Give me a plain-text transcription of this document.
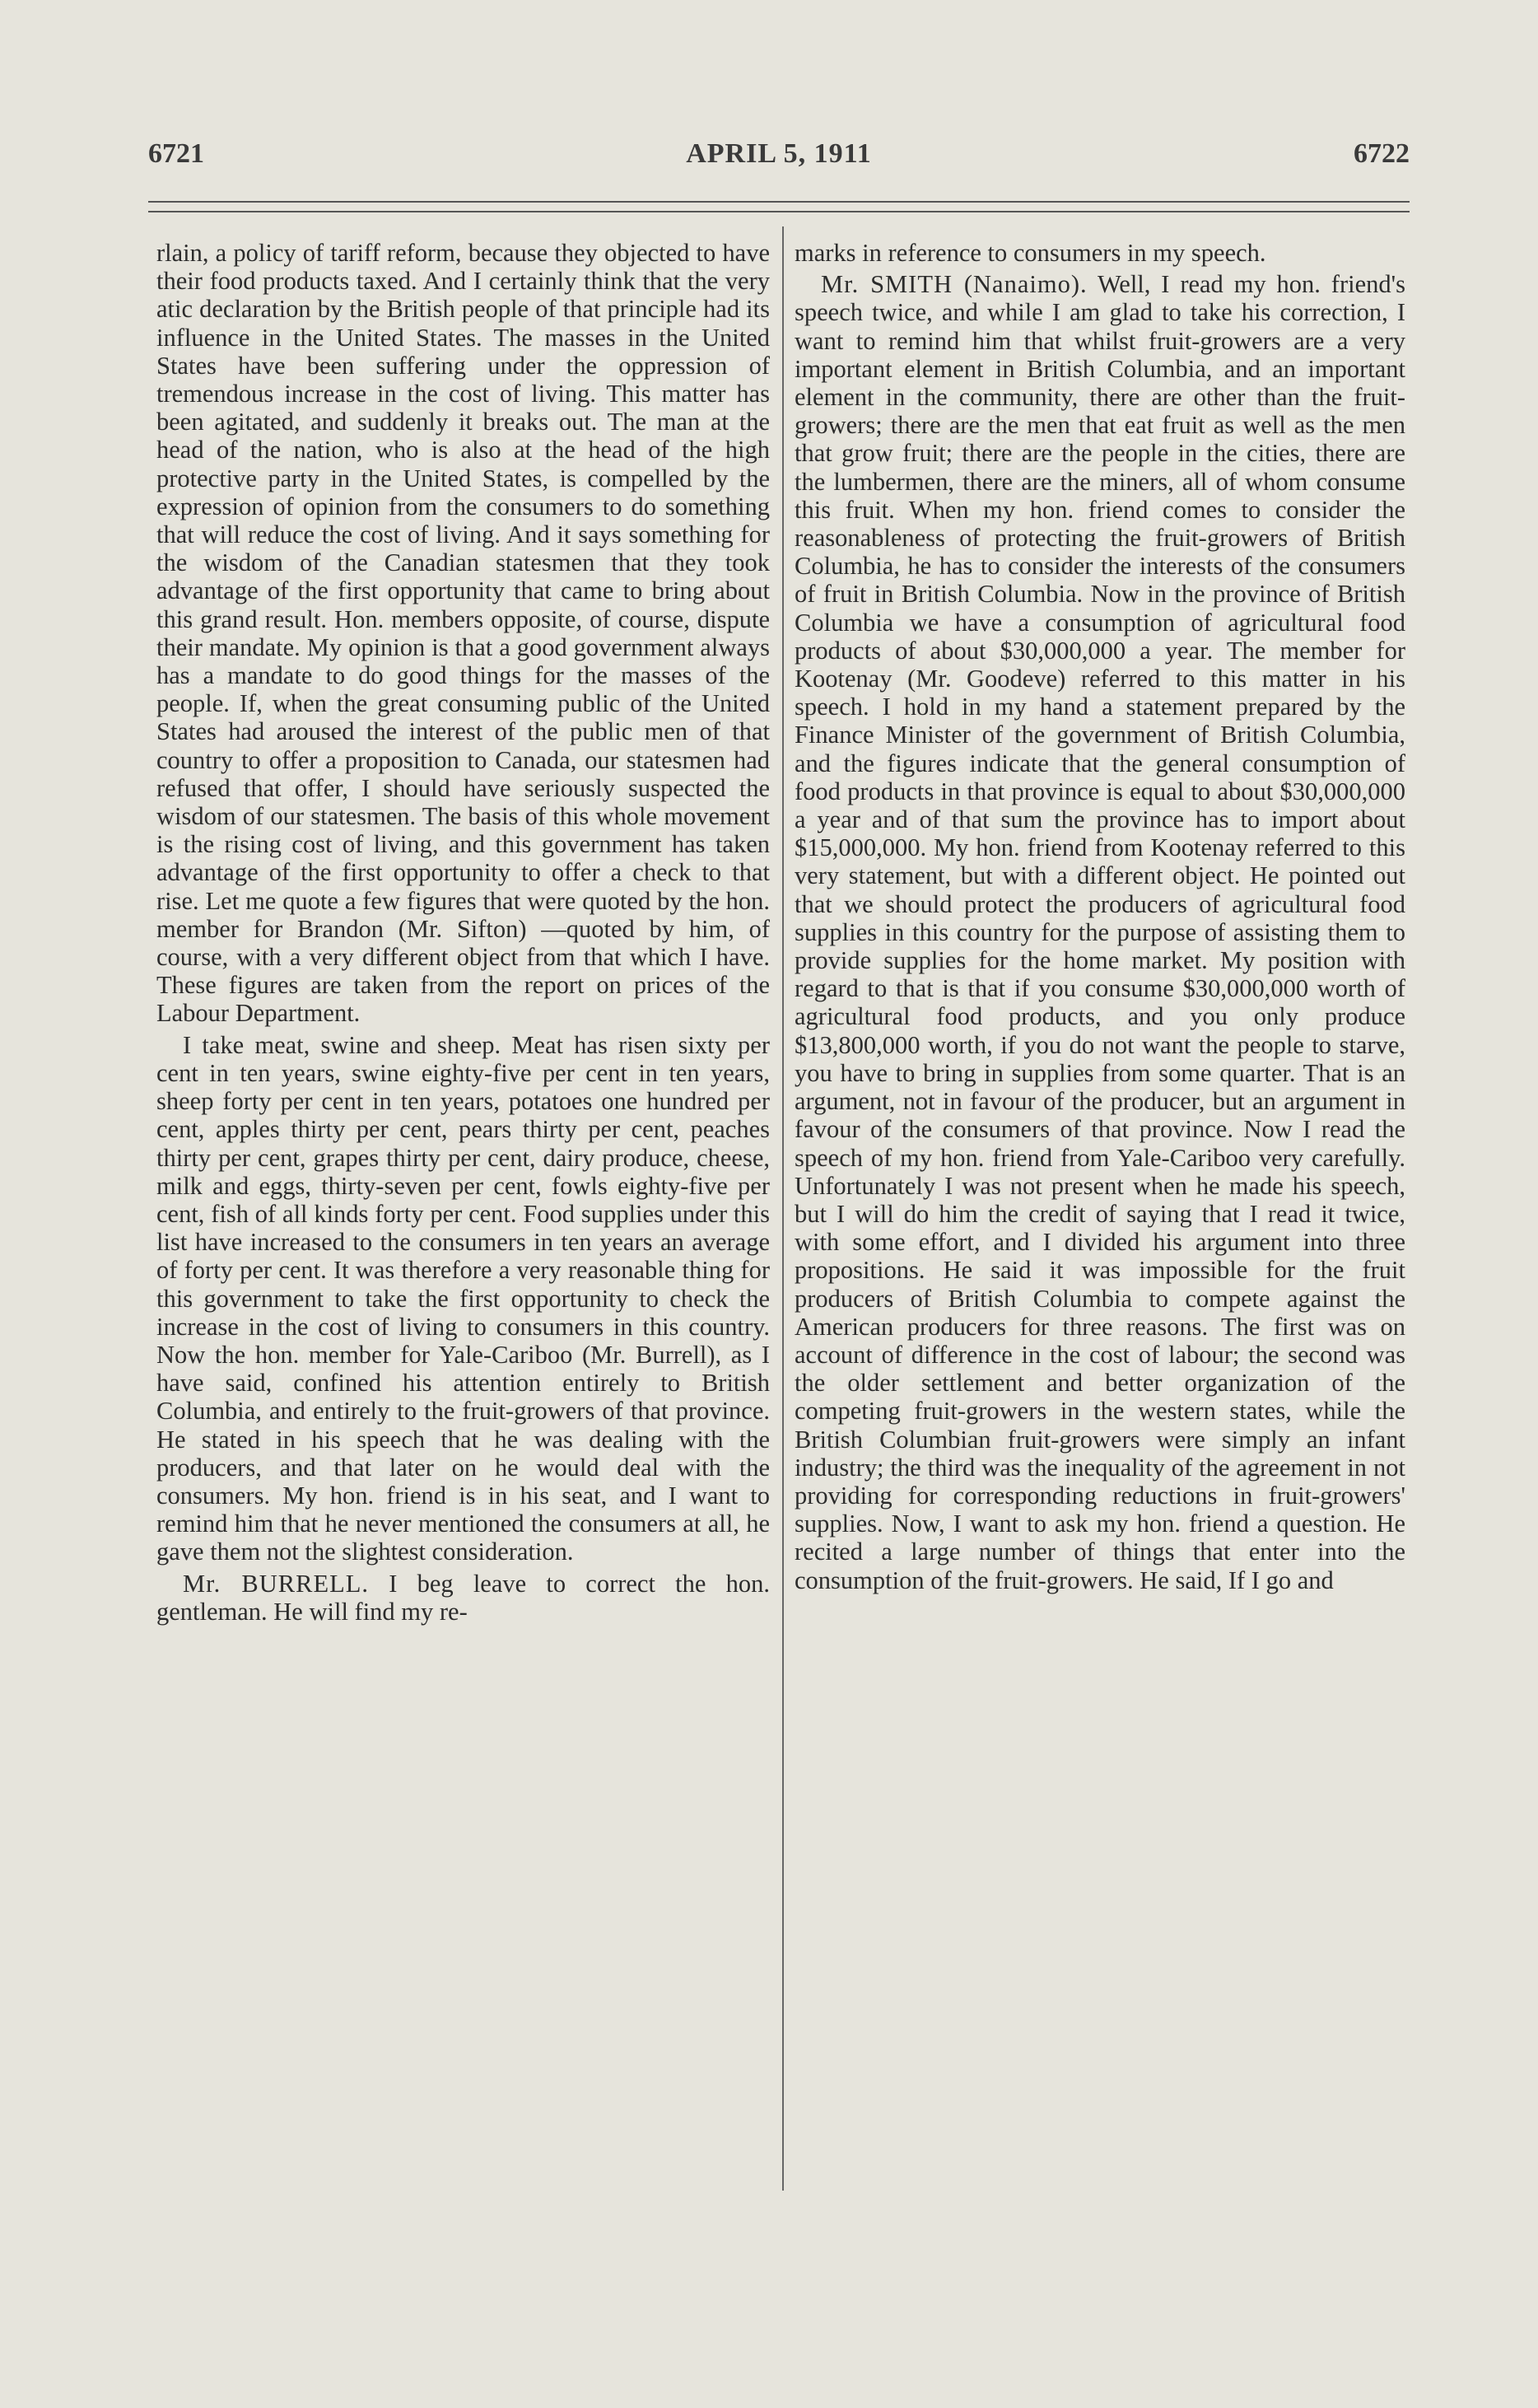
6721	APRIL 5, 1911	6722

rlain, a policy of tariff reform, because they objected to have their food products taxed. And I certainly think that the very atic declaration by the British people of that principle had its influence in the United States. The masses in the United States have been suffering under the oppression of tremendous increase in the cost of living. This matter has been agitated, and suddenly it breaks out. The man at the head of the nation, who is also at the head of the high protective party in the United States, is compelled by the expression of opinion from the consumers to do something that will reduce the cost of living. And it says something for the wisdom of the Canadian statesmen that they took advantage of the first opportunity that came to bring about this grand result. Hon. members opposite, of course, dispute their mandate. My opinion is that a good government always has a mandate to do good things for the masses of the people. If, when the great consuming public of the United States had aroused the interest of the public men of that country to offer a proposition to Canada, our statesmen had refused that offer, I should have seriously suspected the wisdom of our statesmen. The basis of this whole movement is the rising cost of living, and this government has taken advantage of the first opportunity to offer a check to that rise. Let me quote a few figures that were quoted by the hon. member for Brandon (Mr. Sifton) —quoted by him, of course, with a very different object from that which I have. These figures are taken from the report on prices of the Labour Department.

I take meat, swine and sheep. Meat has risen sixty per cent in ten years, swine eighty-five per cent in ten years, sheep forty per cent in ten years, potatoes one hundred per cent, apples thirty per cent, pears thirty per cent, peaches thirty per cent, grapes thirty per cent, dairy produce, cheese, milk and eggs, thirty-seven per cent, fowls eighty-five per cent, fish of all kinds forty per cent. Food supplies under this list have increased to the consumers in ten years an average of forty per cent. It was therefore a very reasonable thing for this government to take the first opportunity to check the increase in the cost of living to consumers in this country. Now the hon. member for Yale-Cariboo (Mr. Burrell), as I have said, confined his attention entirely to British Columbia, and entirely to the fruit-growers of that province. He stated in his speech that he was dealing with the producers, and that later on he would deal with the consumers. My hon. friend is in his seat, and I want to remind him that he never mentioned the consumers at all, he gave them not the slightest consideration.

Mr. BURRELL. I beg leave to correct the hon. gentleman. He will find my re-

marks in reference to consumers in my speech.

Mr. SMITH (Nanaimo). Well, I read my hon. friend's speech twice, and while I am glad to take his correction, I want to remind him that whilst fruit-growers are a very important element in British Columbia, and an important element in the community, there are other than the fruit-growers; there are the men that eat fruit as well as the men that grow fruit; there are the people in the cities, there are the lumbermen, there are the miners, all of whom consume this fruit. When my hon. friend comes to consider the reasonableness of protecting the fruit-growers of British Columbia, he has to consider the interests of the consumers of fruit in British Columbia. Now in the province of British Columbia we have a consumption of agricultural food products of about $30,000,000 a year. The member for Kootenay (Mr. Goodeve) referred to this matter in his speech. I hold in my hand a statement prepared by the Finance Minister of the government of British Columbia, and the figures indicate that the general consumption of food products in that province is equal to about $30,000,000 a year and of that sum the province has to import about $15,000,000. My hon. friend from Kootenay referred to this very statement, but with a different object. He pointed out that we should protect the producers of agricultural food supplies in this country for the purpose of assisting them to provide supplies for the home market. My position with regard to that is that if you consume $30,000,000 worth of agricultural food products, and you only produce $13,800,000 worth, if you do not want the people to starve, you have to bring in supplies from some quarter. That is an argument, not in favour of the producer, but an argument in favour of the consumers of that province. Now I read the speech of my hon. friend from Yale-Cariboo very carefully. Unfortunately I was not present when he made his speech, but I will do him the credit of saying that I read it twice, with some effort, and I divided his argument into three propositions. He said it was impossible for the fruit producers of British Columbia to compete against the American producers for three reasons. The first was on account of difference in the cost of labour; the second was the older settlement and better organization of the competing fruit-growers in the western states, while the British Columbian fruit-growers were simply an infant industry; the third was the inequality of the agreement in not providing for corresponding reductions in fruit-growers' supplies. Now, I want to ask my hon. friend a question. He recited a large number of things that enter into the consumption of the fruit-growers. He said, If I go and
